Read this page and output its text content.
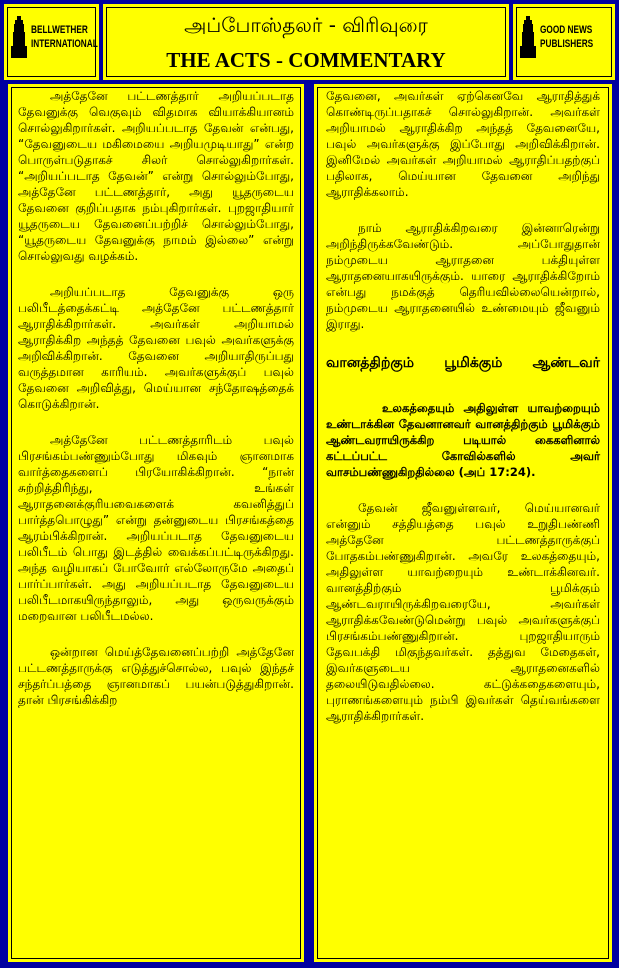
BELLWETHER
INTERNATIONAL
அப்போஸ்தலர் - விரிவுரை
THE ACTS - COMMENTARY
GOOD NEWS
PUBLISHERS

அத்தேனே பட்டணத்தார் அறியப்படாத தேவனுக்கு வெகுவும் விதமாக வியாக்கியானம் சொல்லுகிறார்கள். அறியப்படாத தேவன் என்பது, “தேவனுடைய மகிமையை அறியமுடியாது” என்ற பொருள்படுதாகச் சிலர் சொல்லுகிறார்கள். “அறியப்படாத தேவன்” என்று சொல்லும்போது, அத்தேனே பட்டணத்தார், அது யூதருடைய தேவனை குறிப்பதாக நம்புகிறார்கள். புறஜாதியார் யூதருடைய தேவனைப்பற்றிச் சொல்லும்போது, “யூதருடைய தேவனுக்கு நாமம் இல்லை” என்று சொல்லுவது வழக்கம்.

அறியப்படாத தேவனுக்கு ஒரு பலிபீடத்தைக்கட்டி அத்தேனே பட்டணத்தார் ஆராதிக்கிறார்கள். அவர்கள் அறியாமல் ஆராதிக்கிற அந்தத் தேவனை பவுல் அவர்களுக்கு அறிவிக்கிறான். தேவனை அறியாதிருப்பது வருத்தமான காரியம். அவர்களுக்குப் பவுல் தேவனை அறிவித்து, மெய்யான சந்தோஷத்தைக் கொடுக்கிறான்.

அத்தேனே பட்டணத்தாரிடம் பவுல் பிரசங்கம்பண்ணும்போது மிகவும் ஞானமாக வார்த்தைகளைப் பிரயோகிக்கிறான். “நான் சுற்றித்திரிந்து, உங்கள் ஆராதனைக்குரியவைகளைக் கவனித்துப் பார்த்தபொழுது” என்று தன்னுடைய பிரசங்கத்தை ஆரம்பிக்கிறான். அறியப்படாத தேவனுடைய பலிபீடம் பொது இடத்தில் வைக்கப்பட்டிருக்கிறது. அந்த வழியாகப் போவோர் எல்லோருமே அதைப் பார்ப்பார்கள். அது அறியப்படாத தேவனுடைய பலிபீடமாகயிருந்தாலும், அது ஒருவருக்கும் மறைவான பலிபீடமல்ல.

ஒன்றான மெய்த்தேவனைப்பற்றி அத்தேனே பட்டணத்தாருக்கு எடுத்துச்சொல்ல, பவுல் இந்தச் சந்தர்ப்பத்தை ஞானமாகப் பயன்படுத்துகிறான். தான் பிரசங்கிக்கிற

தேவனை, அவர்கள் ஏற்கெனவே ஆராதித்துக் கொண்டிருப்பதாகச் சொல்லுகிறான். அவர்கள் அறியாமல் ஆராதிக்கிற அந்தத் தேவனையே, பவுல் அவர்களுக்கு இப்போது அறிவிக்கிறான். இனிமேல் அவர்கள் அறியாமல் ஆராதிப்பதற்குப் பதிலாக, மெய்யான தேவனை அறிந்து ஆராதிக்கலாம்.

நாம் ஆராதிக்கிறவரை இன்னாரென்று அறிந்திருக்கவேண்டும். அப்போதுதான் நம்முடைய ஆராதனை பக்தியுள்ள ஆராதனையாகயிருக்கும். யாரை ஆராதிக்கிறோம் என்பது நமக்குத் தெரியவில்லையென்றால், நம்முடைய ஆராதனையில் உண்மையும் ஜீவனும் இராது.

வானத்திற்கும் பூமிக்கும் ஆண்டவர்

உலகத்தையும் அதிலுள்ள யாவற்றையும் உண்டாக்கின தேவனானவர் வானத்திற்கும் பூமிக்கும் ஆண்டவராயிருக்கிற படியால் கைகளினால் கட்டப்பட்ட கோவில்களில் அவர் வாசம்பண்ணுகிறதில்லை (அப் 17:24).

தேவன் ஜீவனுள்ளவர், மெய்யானவர் என்னும் சத்தியத்தை பவுல் உறுதிபண்ணி அத்தேனே பட்டணத்தாருக்குப் போதகம்பண்ணுகிறான். அவரே உலகத்தையும், அதிலுள்ள யாவற்றையும் உண்டாக்கினவர். வானத்திற்கும் பூமிக்கும் ஆண்டவராயிருக்கிறவரையே, அவர்கள் ஆராதிக்கவேண்டுமென்று பவுல் அவர்களுக்குப் பிரசங்கம்பண்ணுகிறான். புறஜாதியாரும் தேவபக்தி மிகுந்தவர்கள். தத்துவ மேதைகள், இவர்களுடைய ஆராதனைகளில் தலையிடுவதில்லை. கட்டுக்கதைகளையும், புராணங்களையும் நம்பி இவர்கள் தெய்வங்களை ஆராதிக்கிறார்கள்.
